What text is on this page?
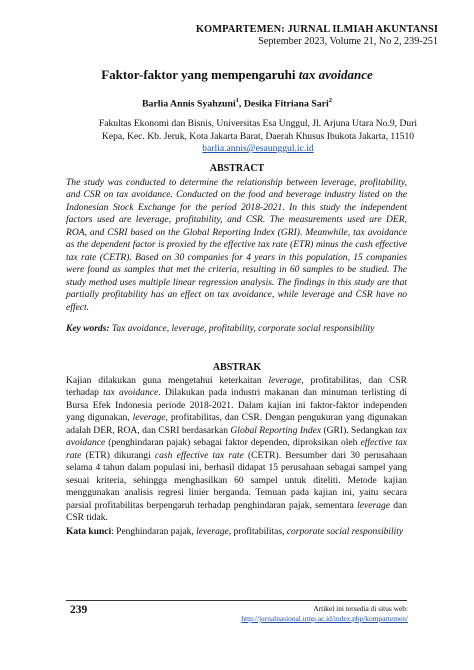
KOMPARTEMEN: JURNAL ILMIAH AKUNTANSI
September 2023, Volume 21, No 2, 239-251
Faktor-faktor yang mempengaruhi tax avoidance
Barlia Annis Syahzuni$^1$, Desika Fitriana Sari$^2$
Fakultas Ekonomi dan Bisnis, Universitas Esa Unggul, Jl. Arjuna Utara No.9, Duri Kepa, Kec. Kb. Jeruk, Kota Jakarta Barat, Daerah Khusus Ibukota Jakarta, 11510
barlia.annis@esaunggul.ic.id
ABSTRACT
The study was conducted to determine the relationship between leverage, profitability, and CSR on tax avoidance. Conducted on the food and beverage industry listed on the Indonesian Stock Exchange for the period 2018-2021. In this study the independent factors used are leverage, profitability, and CSR. The measurements used are DER, ROA, and CSRI based on the Global Reporting Index (GRI). Meanwhile, tax avoidance as the dependent factor is proxied by the effective tax rate (ETR) minus the cash effective tax rate (CETR). Based on 30 companies for 4 years in this population, 15 companies were found as samples that met the criteria, resulting in 60 samples to be studied. The study method uses multiple linear regression analysis. The findings in this study are that partially profitability has an effect on tax avoidance, while leverage and CSR have no effect.
Key words: Tax avoidance, leverage, profitability, corporate social responsibility
ABSTRAK
Kajian dilakukan guna mengetahui keterkaitan leverage, profitabilitas, dan CSR terhadap tax avoidance. Dilakukan pada industri makanan dan minuman terlisting di Bursa Efek Indonesia periode 2018-2021. Dalam kajian ini faktor-faktor independen yang digunakan, leverage, profitabilitas, dan CSR. Dengan pengukuran yang digunakan adalah DER, ROA, dan CSRI berdasarkan Global Reporting Index (GRI). Sedangkan tax avoidance (penghindaran pajak) sebagai faktor dependen, diproksikan oleh effective tax rate (ETR) dikurangi cash effective tax rate (CETR). Bersumber dari 30 perusahaan selama 4 tahun dalam populasi ini, berhasil didapat 15 perusahaan sebagai sampel yang sesuai kriteria, sehingga menghasilkan 60 sampel untuk diteliti. Metode kajian menggunakan analisis regresi linier berganda. Temuan pada kajian ini, yaitu secara parsial profitabilitas berpengaruh terhadap penghindaran pajak, sementara leverage dan CSR tidak.
Kata kunci: Penghindaran pajak, leverage, profitabilitas, corporate social responsibility
239	Artikel ini tersedia di situs web:
http://jurnalnasional.ump.ac.id/index.php/kompartemen/
